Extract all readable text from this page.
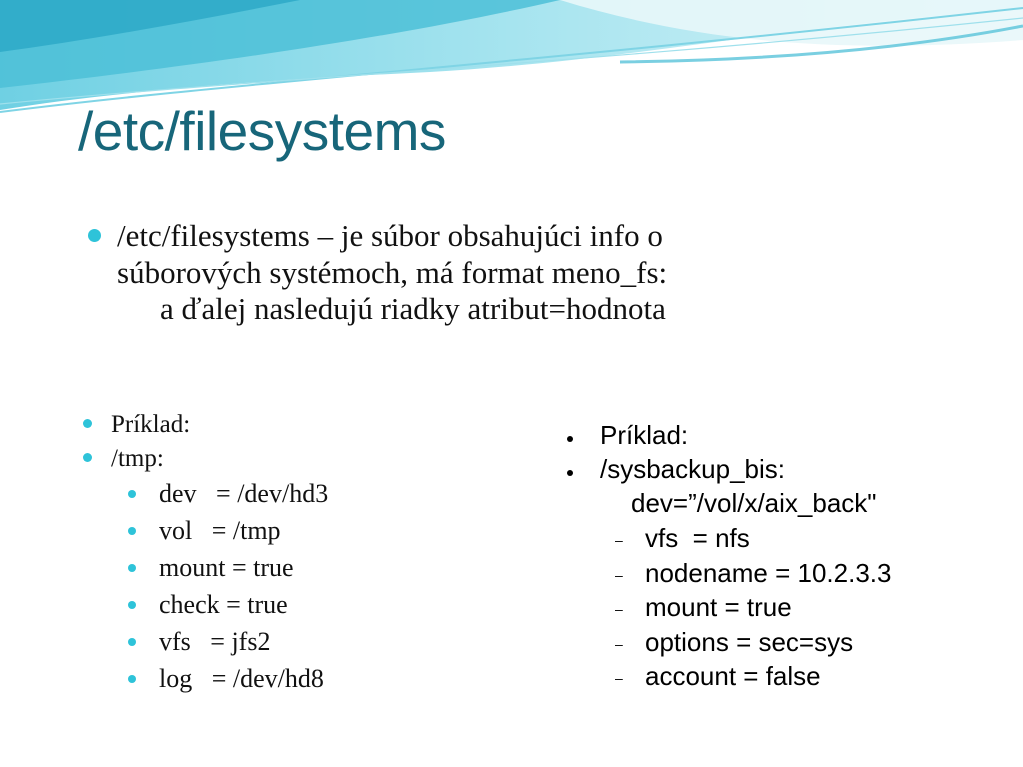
/etc/filesystems
/etc/filesystems – je súbor obsahujúci info o
súborových systémoch, má format meno_fs:
a ďalej nasledujú riadky atribut=hodnota
Príklad:
/tmp:
dev   = /dev/hd3
vol   = /tmp
mount = true
check = true
vfs   = jfs2
log   = /dev/hd8
Príklad:
/sysbackup_bis:
dev=”/vol/x/aix_back"
– vfs  = nfs
– nodename = 10.2.3.3
– mount = true
– options = sec=sys
– account = false
